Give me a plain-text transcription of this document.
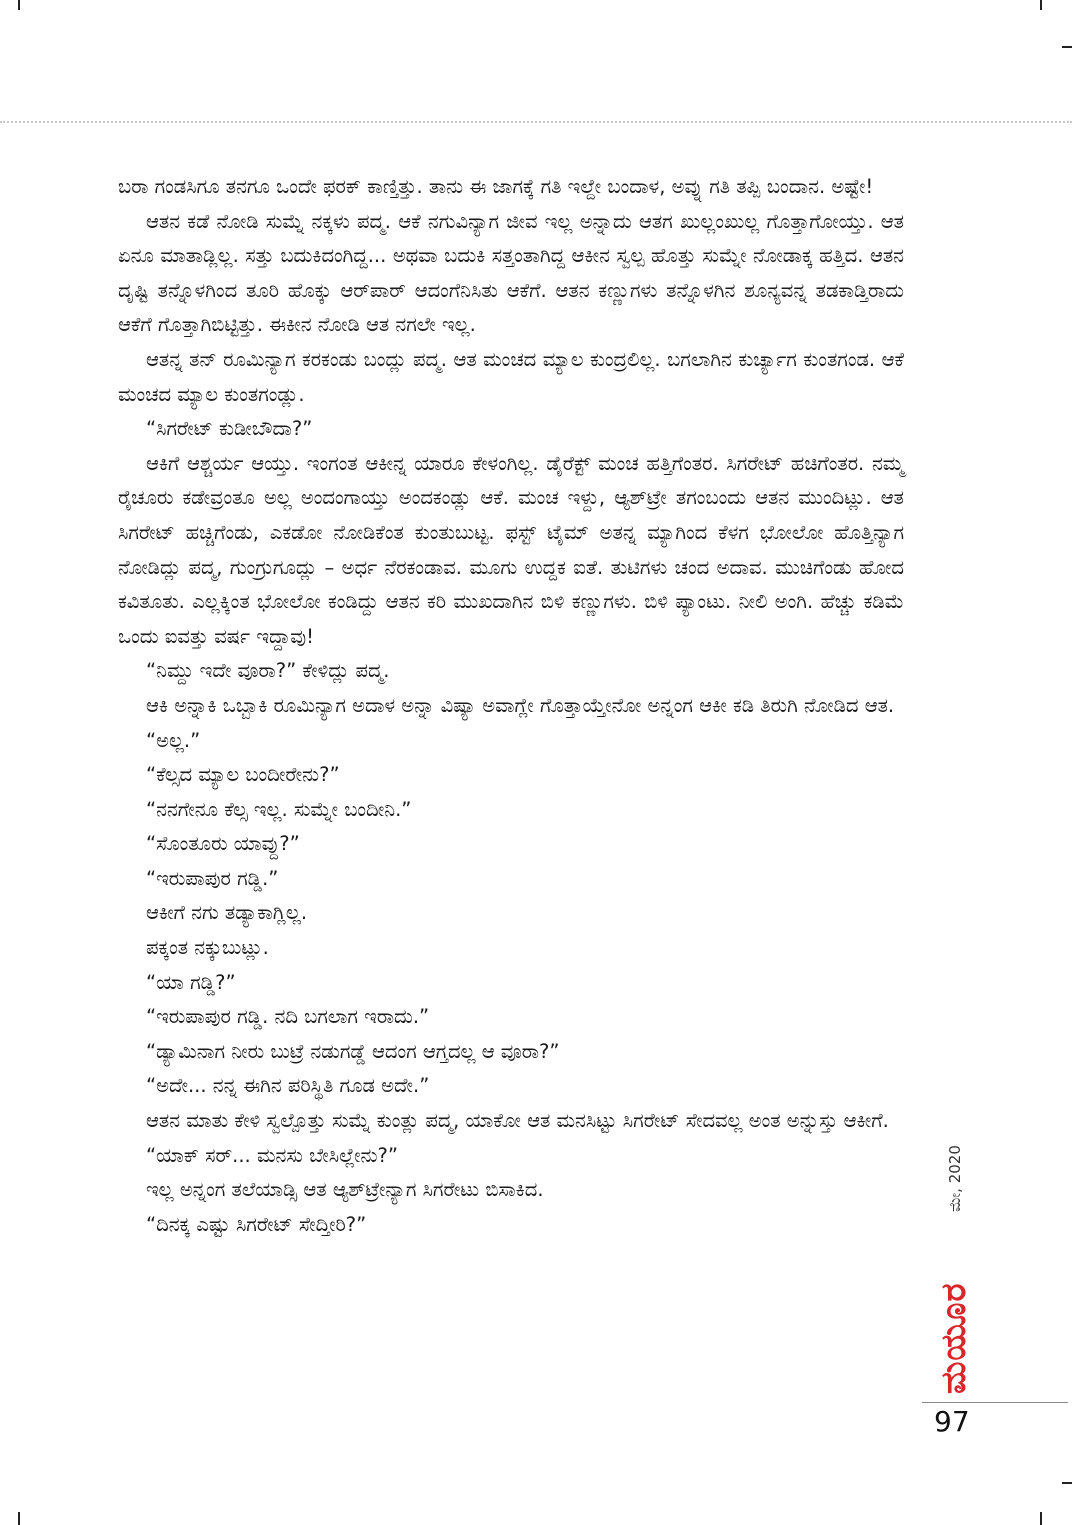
ಬರಾ ಗಂಡಸಿಗೂ ತನಗೂ ಒಂದೇ ಫರಕ್ ಕಾಣ್ತಿತ್ತು. ತಾನು ಈ ಜಾಗಕ್ಕೆ ಗತಿ ಇಲ್ದೇ ಬಂದಾಳ, ಅವ್ನು ಗತಿ ತಪ್ಪಿ ಬಂದಾನ. ಅಷ್ಟೇ!

ಆತನ ಕಡೆ ನೋಡಿ ಸುಮ್ನೆ ನಕ್ಕಳು ಪದ್ಮ. ಆಕೆ ನಗುವಿನ್ಯಾಗ ಜೀವ ಇಲ್ಲ ಅನ್ನಾದು ಆತಗ ಖುಲ್ಲಂಖುಲ್ಲ ಗೊತ್ತಾಗೋಯ್ತು. ಆತ ಏನೂ ಮಾತಾಡ್ಲಿಲ್ಲ. ಸತ್ತು ಬದುಕಿದಂಗಿದ್ದ... ಅಥವಾ ಬದುಕಿ ಸತ್ತಂತಾಗಿದ್ದ ಆಕೀನ ಸ್ವಲ್ಪ ಹೊತ್ತು ಸುಮ್ನೇ ನೋಡಾಕ್ಕ ಹತ್ತಿದ. ಆತನ ದೃಷ್ಟಿ ತನ್ನೊಳಗಿಂದ ತೂರಿ ಹೊಕ್ಕು ಆರ್‌ಪಾರ್ ಆದಂಗೆನಿಸಿತು ಆಕೆಗೆ. ಆತನ ಕಣ್ಣುಗಳು ತನ್ನೊಳಗಿನ ಶೂನ್ಯವನ್ನ ತಡಕಾಡ್ತಿರಾದು ಆಕೆಗೆ ಗೊತ್ತಾಗಿಬಿಟ್ಟಿತ್ತು. ಈಕೀನ ನೋಡಿ ಆತ ನಗಲೇ ಇಲ್ಲ.

ಆತನ್ನ ತನ್ ರೂಮಿನ್ಯಾಗ ಕರಕಂಡು ಬಂದ್ಲು ಪದ್ಮ. ಆತ ಮಂಚದ ಮ್ಯಾಲ ಕುಂದ್ರಲಿಲ್ಲ. ಬಗಲಾಗಿನ ಕುರ್ಚ್ಯಾಗ ಕುಂತಗಂಡ. ಆಕೆ ಮಂಚದ ಮ್ಯಾಲ ಕುಂತಗಂಡ್ಲು.

“ಸಿಗರೇಟ್ ಕುಡೀಬೌದಾ?”

ಆಕಿಗೆ ಆಶ್ಚರ್ಯ ಆಯ್ತು. ಇಂಗಂತ ಆಕೀನ್ನ ಯಾರೂ ಕೇಳಂಗಿಲ್ಲ. ಡೈರೆಕ್ಟ್ ಮಂಚ ಹತ್ತಿಗೆಂತರ. ಸಿಗರೇಟ್ ಹಚಿಗೆಂತರ. ನಮ್ಮ ರೈಚೂರು ಕಡೇವ್ರಂತೂ ಅಲ್ಲ ಅಂದಂಗಾಯ್ತು ಅಂದಕಂಡ್ಲು ಆಕೆ. ಮಂಚ ಇಳ್ದು, ಆ್ಯಶ್‌ಟ್ರೇ ತಗಂಬಂದು ಆತನ ಮುಂದಿಟ್ಲು. ಆತ ಸಿಗರೇಟ್ ಹಚ್ಚಿಗೆಂಡು, ಎಕಡೋ ನೋಡಿಕೆಂತ ಕುಂತುಬುಟ್ಟ. ಫಸ್ಟ್ ಟೈಮ್ ಅತನ್ನ ಮ್ಯಾಗಿಂದ ಕೆಳಗ ಭೋಲೋ ಹೊತ್ತಿನ್ಯಾಗ ನೋಡಿದ್ಲು ಪದ್ಮ, ಗುಂಗ್ರುಗೂದ್ಲು – ಅರ್ಧ ನೆರಕಂಡಾವ. ಮೂಗು ಉದ್ದಕ ಐತೆ. ತುಟಿಗಳು ಚಂದ ಅದಾವ. ಮುಚಿಗೆಂಡು ಹೋದ ಕವಿತೂತು. ಎಲ್ಲಕ್ಕಿಂತ ಭೋಲೋ ಕಂಡಿದ್ದು ಆತನ ಕರಿ ಮುಖದಾಗಿನ ಬಿಳಿ ಕಣ್ಣುಗಳು. ಬಿಳಿ ಪ್ಯಾಂಟು. ನೀಲಿ ಅಂಗಿ. ಹೆಚ್ಚು ಕಡಿಮೆ ಒಂದು ಐವತ್ತು ವರ್ಷ ಇದ್ದಾವು!

“ನಿಮ್ದು ಇದೇ ವೂರಾ?” ಕೇಳಿದ್ಲು ಪದ್ಮ.

ಆಕಿ ಅನ್ನಾಕಿ ಒಬ್ಬಾಕಿ ರೂಮಿನ್ಯಾಗ ಅದಾಳ ಅನ್ನಾ ವಿಷ್ಯಾ ಅವಾಗ್ಲೇ ಗೊತ್ತಾಯ್ತೇನೋ ಅನ್ನಂಗ ಆಕೀ ಕಡಿ ತಿರುಗಿ ನೋಡಿದ ಆತ.

“ಅಲ್ಲ.”

“ಕೆಲ್ಸದ ಮ್ಯಾಲ ಬಂದೀರೇನು?”

“ನನಗೇನೂ ಕೆಲ್ಸ ಇಲ್ಲ. ಸುಮ್ನೇ ಬಂದೀನಿ.”

“ಸೊಂತೂರು ಯಾವ್ದು?”

“ಇರುಪಾಪುರ ಗಡ್ಡಿ.”

ಆಕೀಗೆ ನಗು ತಡ್ಯಾಕಾಗ್ಲಿಲ್ಲ.

ಪಕ್ಕಂತ ನಕ್ಕುಬುಟ್ಲು.

“ಯಾ ಗಡ್ಡಿ?”

“ಇರುಪಾಪುರ ಗಡ್ಡಿ. ನದಿ ಬಗಲಾಗ ಇರಾದು.”

“ಡ್ಯಾಮಿನಾಗ ನೀರು ಬುಟ್ರೆ ನಡುಗಡ್ಡೆ ಆದಂಗ ಆಗ್ತದಲ್ಲ ಆ ವೂರಾ?”

“ಅದೇ... ನನ್ನ ಈಗಿನ ಪರಿಸ್ಥಿತಿ ಗೂಡ ಅದೇ.”

ಆತನ ಮಾತು ಕೇಳಿ ಸ್ವಲ್ಪೊತ್ತು ಸುಮ್ನೆ ಕುಂತ್ಲು ಪದ್ಮ, ಯಾಕೋ ಆತ ಮನಸಿಟ್ಟು ಸಿಗರೇಟ್ ಸೇದವಲ್ಲ ಅಂತ ಅನ್ನುಸ್ತು ಆಕೀಗೆ.

“ಯಾಕ್ ಸರ್... ಮನಸು ಬೇಸಿಲ್ಲೇನು?”

ಇಲ್ಲ ಅನ್ನಂಗ ತಲೆಯಾಡ್ಸಿ ಆತ ಆ್ಯಶ್‌ಟ್ರೇನ್ಯಾಗ ಸಿಗರೇಟು ಬಿಸಾಕಿದ.

“ದಿನಕ್ಕ ಎಷ್ಟು ಸಿಗರೇಟ್ ಸೇದ್ತೀರಿ?”

ಮೇ, 2020
ಮಯೂರ
97
